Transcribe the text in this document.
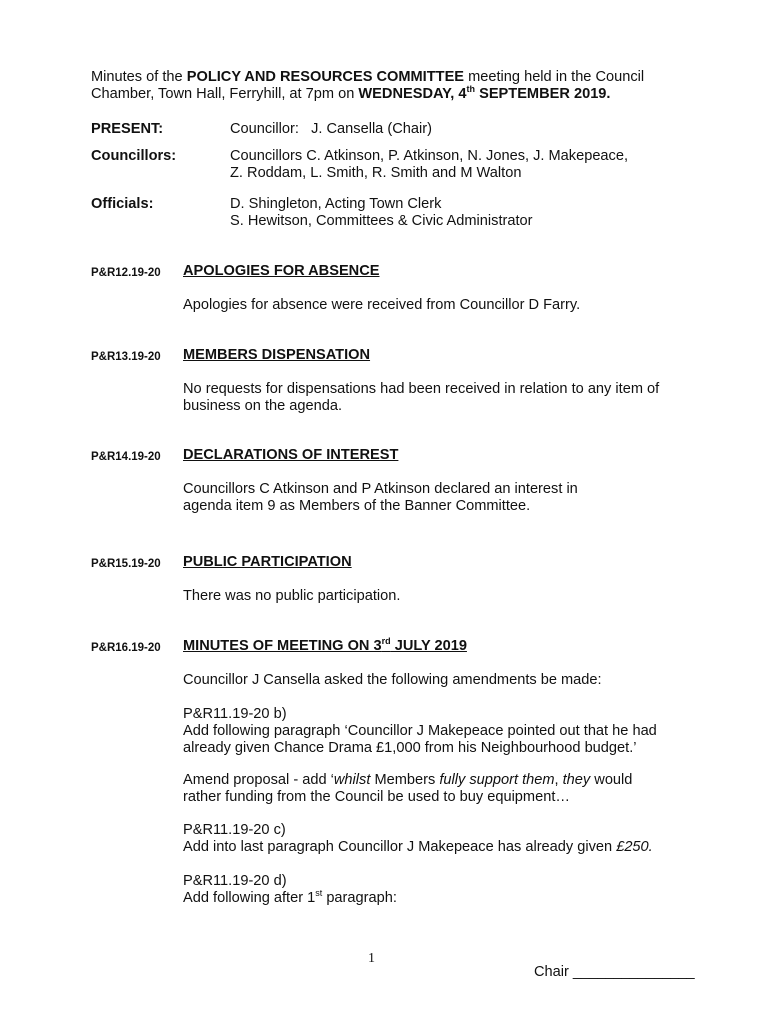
Minutes of the POLICY AND RESOURCES COMMITTEE meeting held in the Council Chamber, Town Hall, Ferryhill, at 7pm on WEDNESDAY, 4th SEPTEMBER 2019.
PRESENT:	Councillor:   J. Cansella (Chair)
Councillors:	Councillors C. Atkinson, P. Atkinson, N. Jones, J. Makepeace,
Z. Roddam, L. Smith, R. Smith and M Walton
Officials:	D. Shingleton, Acting Town Clerk
S. Hewitson, Committees & Civic Administrator
P&R12.19-20 APOLOGIES FOR ABSENCE
Apologies for absence were received from Councillor D Farry.
P&R13.19-20 MEMBERS DISPENSATION
No requests for dispensations had been received in relation to any item of business on the agenda.
P&R14.19-20 DECLARATIONS OF INTEREST
Councillors C Atkinson and P Atkinson declared an interest in
agenda item 9 as Members of the Banner Committee.
P&R15.19-20 PUBLIC PARTICIPATION
There was no public participation.
P&R16.19-20 MINUTES OF MEETING ON 3rd JULY 2019
Councillor J Cansella asked the following amendments be made:
P&R11.19-20 b)
Add following paragraph ‘Councillor J Makepeace pointed out that he had already given Chance Drama £1,000 from his Neighbourhood budget.’
Amend proposal - add ‘whilst Members fully support them, they would rather funding from the Council be used to buy equipment…
P&R11.19-20 c)
Add into last paragraph Councillor J Makepeace has already given £250.
P&R11.19-20 d)
Add following after 1st paragraph:
1
Chair _______________
